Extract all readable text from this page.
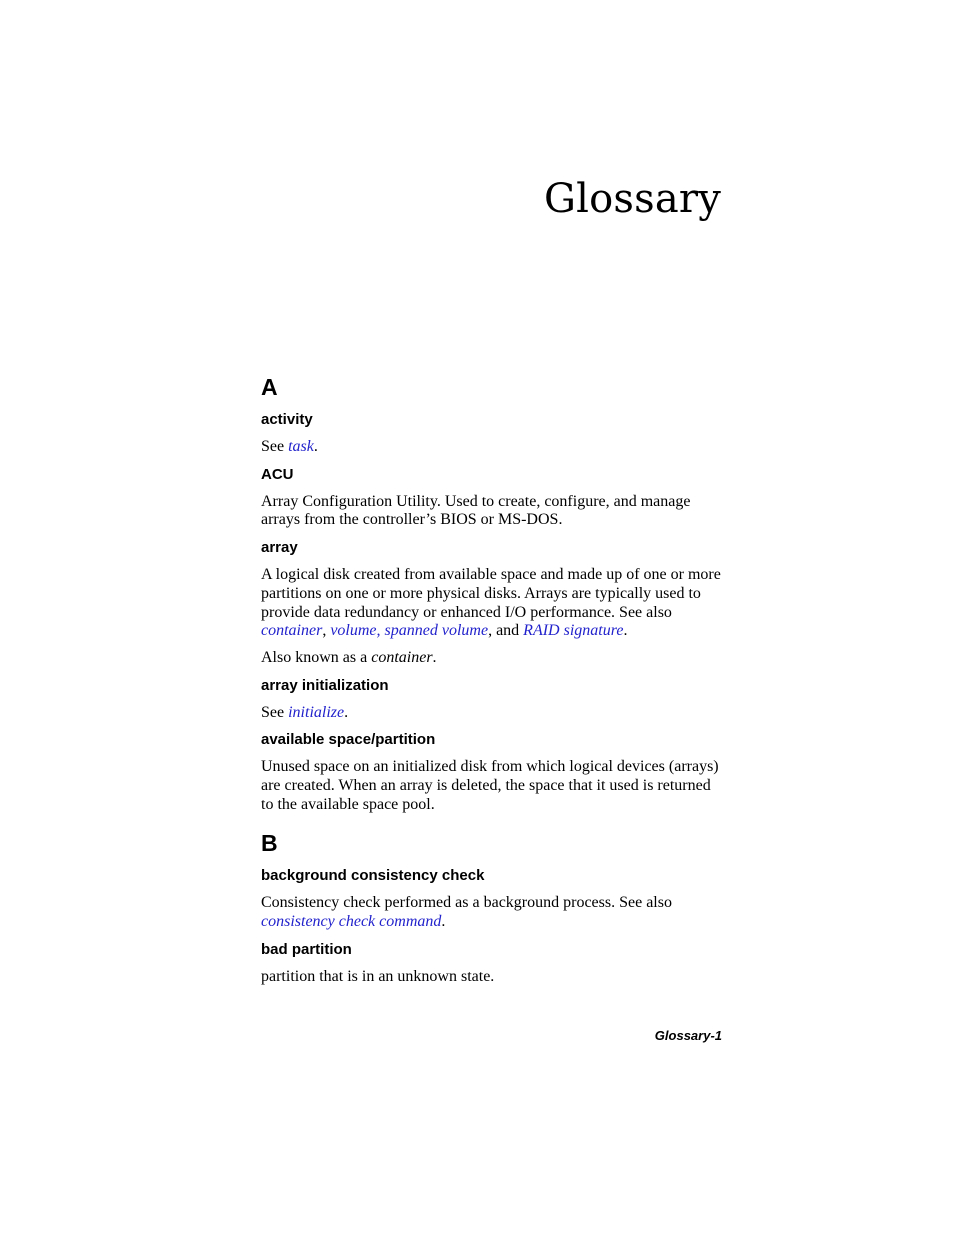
Glossary
A
activity

See task.

ACU

Array Configuration Utility. Used to create, configure, and manage arrays from the controller’s BIOS or MS-DOS.

array

A logical disk created from available space and made up of one or more partitions on one or more physical disks. Arrays are typically used to provide data redundancy or enhanced I/O performance. See also container, volume, spanned volume, and RAID signature.

Also known as a container.

array initialization

See initialize.

available space/partition

Unused space on an initialized disk from which logical devices (arrays) are created. When an array is deleted, the space that it used is returned to the available space pool.

B
background consistency check

Consistency check performed as a background process. See also consistency check command.

bad partition

partition that is in an unknown state.

Glossary-1
